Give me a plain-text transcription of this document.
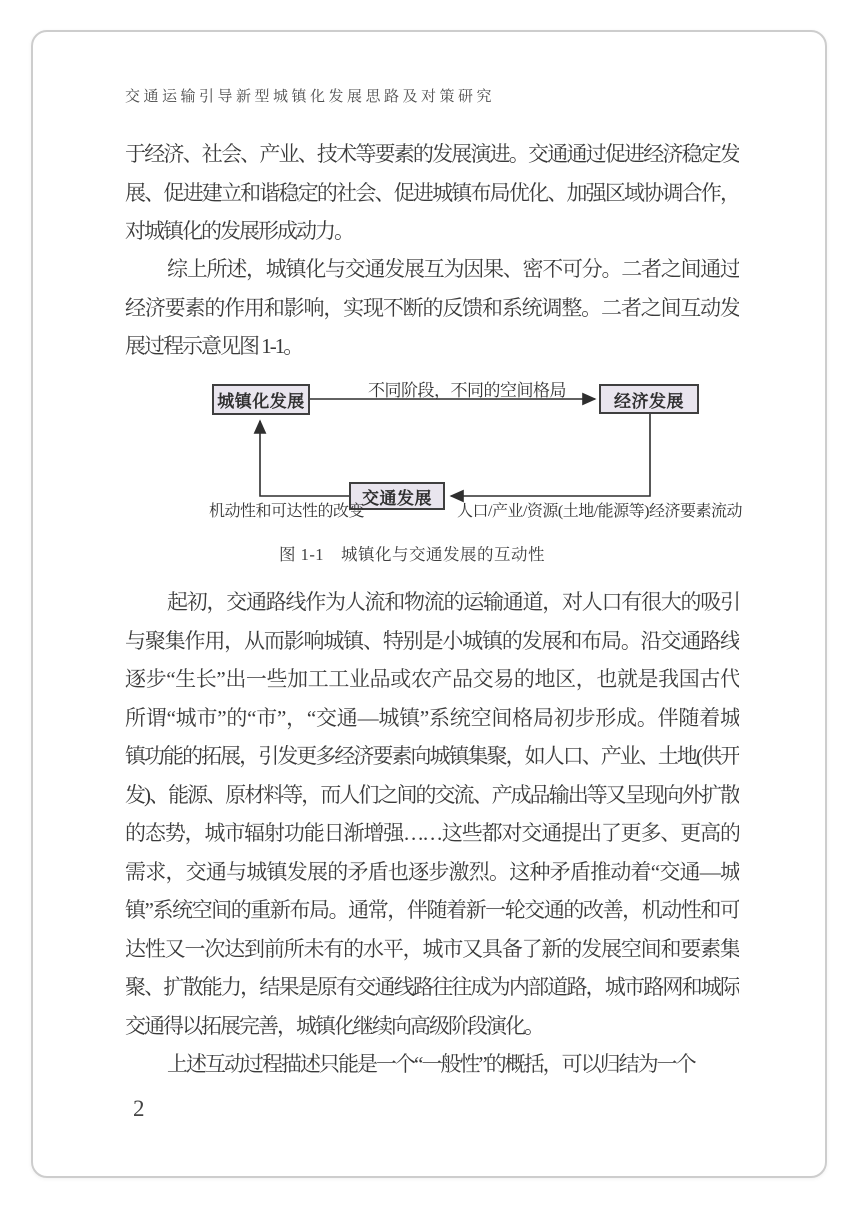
交通运输引导新型城镇化发展思路及对策研究
于经济、社会、产业、技术等要素的发展演进。交通通过促进经济稳定发
展、促进建立和谐稳定的社会、促进城镇布局优化、加强区域协调合作，
对城镇化的发展形成动力。
综上所述，城镇化与交通发展互为因果、密不可分。二者之间通过
经济要素的作用和影响，实现不断的反馈和系统调整。二者之间互动发
展过程示意见图 1-1。
城镇化发展	经济发展
交通发展
不同阶段，不同的空间格局
机动性和可达性的改变	人口/产业/资源(土地/能源等)经济要素流动
图 1-1　城镇化与交通发展的互动性
起初，交通路线作为人流和物流的运输通道，对人口有很大的吸引
与聚集作用，从而影响城镇、特别是小城镇的发展和布局。沿交通路线
逐步“生长”出一些加工工业品或农产品交易的地区，也就是我国古代
所谓“城市”的“市”，“交通—城镇”系统空间格局初步形成。伴随着城
镇功能的拓展，引发更多经济要素向城镇集聚，如人口、产业、土地(供开
发)、能源、原材料等，而人们之间的交流、产成品输出等又呈现向外扩散
的态势，城市辐射功能日渐增强……这些都对交通提出了更多、更高的
需求，交通与城镇发展的矛盾也逐步激烈。这种矛盾推动着“交通—城
镇”系统空间的重新布局。通常，伴随着新一轮交通的改善，机动性和可
达性又一次达到前所未有的水平，城市又具备了新的发展空间和要素集
聚、扩散能力，结果是原有交通线路往往成为内部道路，城市路网和城际
交通得以拓展完善，城镇化继续向高级阶段演化。
上述互动过程描述只能是一个“一般性”的概括，可以归结为一个
2
